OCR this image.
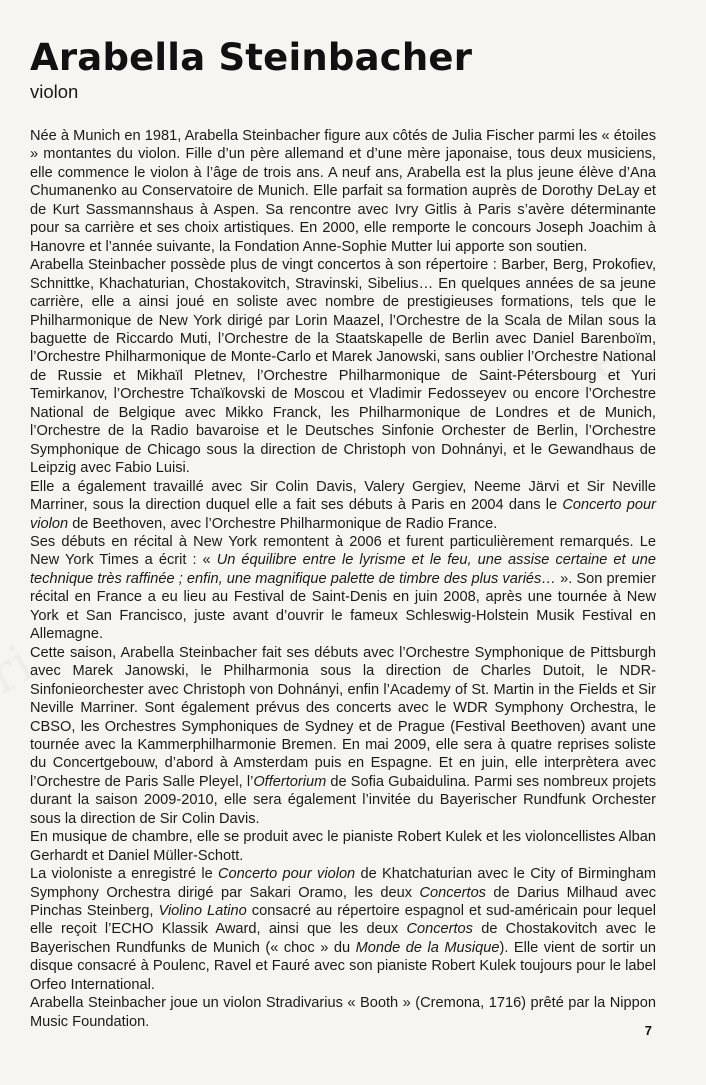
Arabella Steinbacher

violon

Née à Munich en 1981, Arabella Steinbacher figure aux côtés de Julia Fischer parmi les « étoiles » montantes du violon. Fille d’un père allemand et d’une mère japonaise, tous deux musiciens, elle commence le violon à l’âge de trois ans. A neuf ans, Arabella est la plus jeune élève d’Ana Chumanenko au Conservatoire de Munich. Elle parfait sa formation auprès de Dorothy DeLay et de Kurt Sassmannshaus à Aspen. Sa rencontre avec Ivry Gitlis à Paris s’avère déterminante pour sa carrière et ses choix artistiques. En 2000, elle remporte le concours Joseph Joachim à Hanovre et l’année suivante, la Fondation Anne-Sophie Mutter lui apporte son soutien.

Arabella Steinbacher possède plus de vingt concertos à son répertoire : Barber, Berg, Prokofiev, Schnittke, Khachaturian, Chostakovitch, Stravinski, Sibelius… En quelques années de sa jeune carrière, elle a ainsi joué en soliste avec nombre de prestigieuses formations, tels que le Philharmonique de New York dirigé par Lorin Maazel, l’Orchestre de la Scala de Milan sous la baguette de Riccardo Muti, l’Orchestre de la Staatskapelle de Berlin avec Daniel Barenboïm, l’Orchestre Philharmonique de Monte-Carlo et Marek Janowski, sans oublier l’Orchestre National de Russie et Mikhaïl Pletnev, l’Orchestre Philharmonique de Saint-Pétersbourg et Yuri Temirkanov, l’Orchestre Tchaïkovski de Moscou et Vladimir Fedosseyev ou encore l’Orchestre National de Belgique avec Mikko Franck, les Philharmonique de Londres et de Munich, l’Orchestre de la Radio bavaroise et le Deutsches Sinfonie Orchester de Berlin, l’Orchestre Symphonique de Chicago sous la direction de Christoph von Dohnányi, et le Gewandhaus de Leipzig avec Fabio Luisi.

Elle a également travaillé avec Sir Colin Davis, Valery Gergiev, Neeme Järvi et Sir Neville Marriner, sous la direction duquel elle a fait ses débuts à Paris en 2004 dans le Concerto pour violon de Beethoven, avec l’Orchestre Philharmonique de Radio France.

Ses débuts en récital à New York remontent à 2006 et furent particulièrement remarqués. Le New York Times a écrit : « Un équilibre entre le lyrisme et le feu, une assise certaine et une technique très raffinée ; enfin, une magnifique palette de timbre des plus variés… ». Son premier récital en France a eu lieu au Festival de Saint-Denis en juin 2008, après une tournée à New York et San Francisco, juste avant d’ouvrir le fameux Schleswig-Holstein Musik Festival en Allemagne.

Cette saison, Arabella Steinbacher fait ses débuts avec l’Orchestre Symphonique de Pittsburgh avec Marek Janowski, le Philharmonia sous la direction de Charles Dutoit, le NDR-Sinfonieorchester avec Christoph von Dohnányi, enfin l’Academy of St. Martin in the Fields et Sir Neville Marriner. Sont également prévus des concerts avec le WDR Symphony Orchestra, le CBSO, les Orchestres Symphoniques de Sydney et de Prague (Festival Beethoven) avant une tournée avec la Kammerphilharmonie Bremen. En mai 2009, elle sera à quatre reprises soliste du Concertgebouw, d’abord à Amsterdam puis en Espagne. Et en juin, elle interprètera avec l’Orchestre de Paris Salle Pleyel, l’Offertorium de Sofia Gubaidulina. Parmi ses nombreux projets durant la saison 2009-2010, elle sera également l’invitée du Bayerischer Rundfunk Orchester sous la direction de Sir Colin Davis.

En musique de chambre, elle se produit avec le pianiste Robert Kulek et les violoncellistes Alban Gerhardt et Daniel Müller-Schott.

La violoniste a enregistré le Concerto pour violon de Khatchaturian avec le City of Birmingham Symphony Orchestra dirigé par Sakari Oramo, les deux Concertos de Darius Milhaud avec Pinchas Steinberg, Violino Latino consacré au répertoire espagnol et sud-américain pour lequel elle reçoit l’ECHO Klassik Award, ainsi que les deux Concertos de Chostakovitch avec le Bayerischen Rundfunks de Munich (« choc » du Monde de la Musique). Elle vient de sortir un disque consacré à Poulenc, Ravel et Fauré avec son pianiste Robert Kulek toujours pour le label Orfeo International.

Arabella Steinbacher joue un violon Stradivarius « Booth » (Cremona, 1716) prêté par la Nippon Music Foundation.

7
